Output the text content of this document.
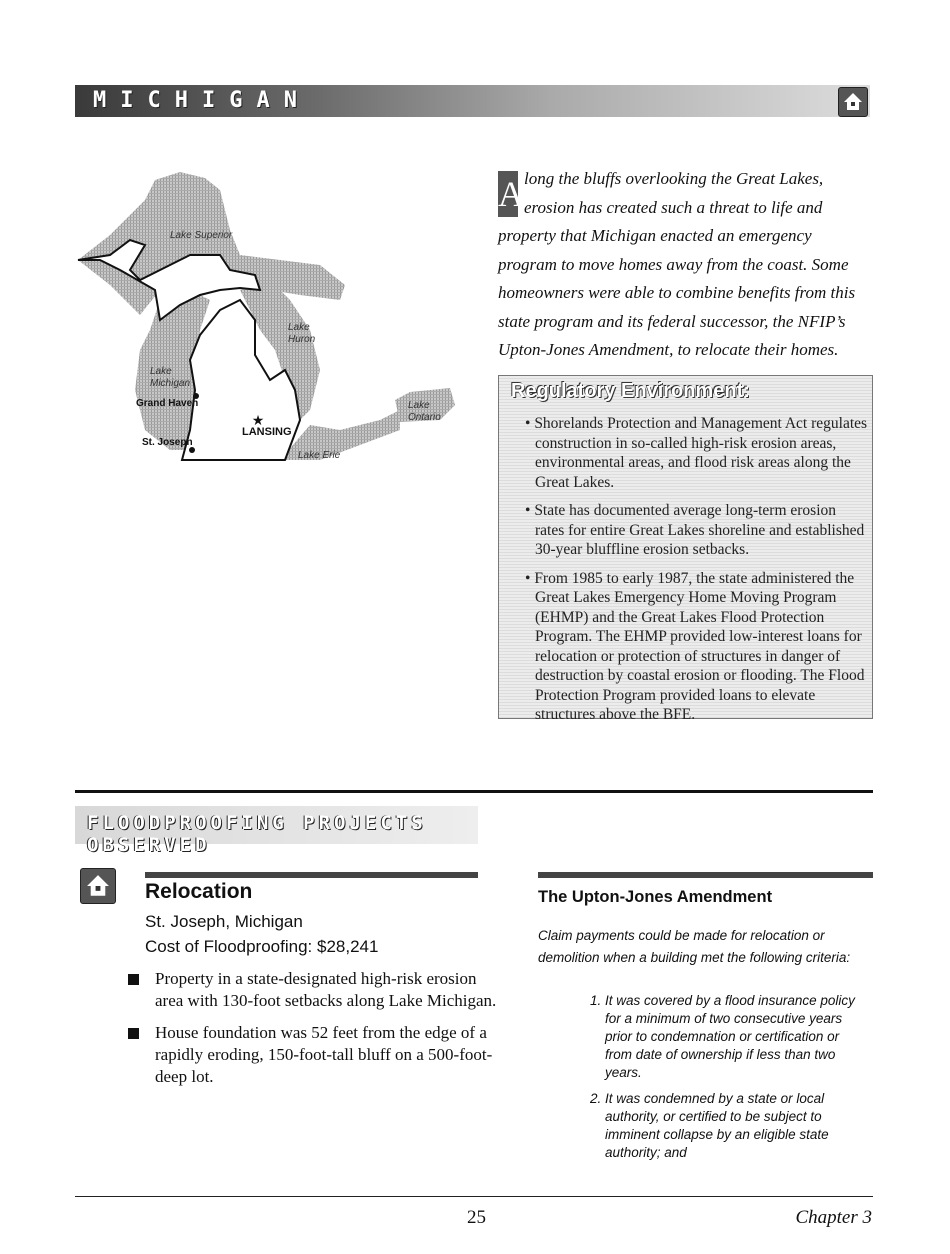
MICHIGAN
★
Lake Superior
Lake
Huron
Lake
Michigan
Lake
Ontario
Lake Erie
Grand Haven
St. Joseph
LANSING
A long the bluffs overlooking the Great Lakes, erosion has created such a threat to life and property that Michigan enacted an emergency program to move homes away from the coast. Some homeowners were able to combine benefits from this state program and its federal successor, the NFIP’s Upton-Jones Amendment, to relocate their homes.
Regulatory Environment:
• Shorelands Protection and Management Act regulates construction in so-called high-risk erosion areas, environmental areas, and flood risk areas along the Great Lakes.
• State has documented average long-term erosion rates for entire Great Lakes shoreline and established 30-year bluffline erosion setbacks.
• From 1985 to early 1987, the state administered the Great Lakes Emergency Home Moving Program (EHMP) and the Great Lakes Flood Protection Program. The EHMP provided low-interest loans for relocation or protection of structures in danger of destruction by coastal erosion or flooding. The Flood Protection Program provided loans to elevate structures above the BFE.
FLOODPROOFING PROJECTS OBSERVED
Relocation
St. Joseph, Michigan
Cost of Floodproofing: $28,241
Property in a state-designated high-risk erosion area with 130-foot setbacks along Lake Michigan.
House foundation was 52 feet from the edge of a rapidly eroding, 150-foot-tall bluff on a 500-foot-deep lot.
The Upton-Jones Amendment
Claim payments could be made for relocation or demolition when a building met the following criteria:
1. It was covered by a flood insurance policy for a minimum of two consecutive years prior to condemnation or certification or from date of ownership if less than two years.
2. It was condemned by a state or local authority, or certified to be subject to imminent collapse by an eligible state authority; and
25	Chapter 3
